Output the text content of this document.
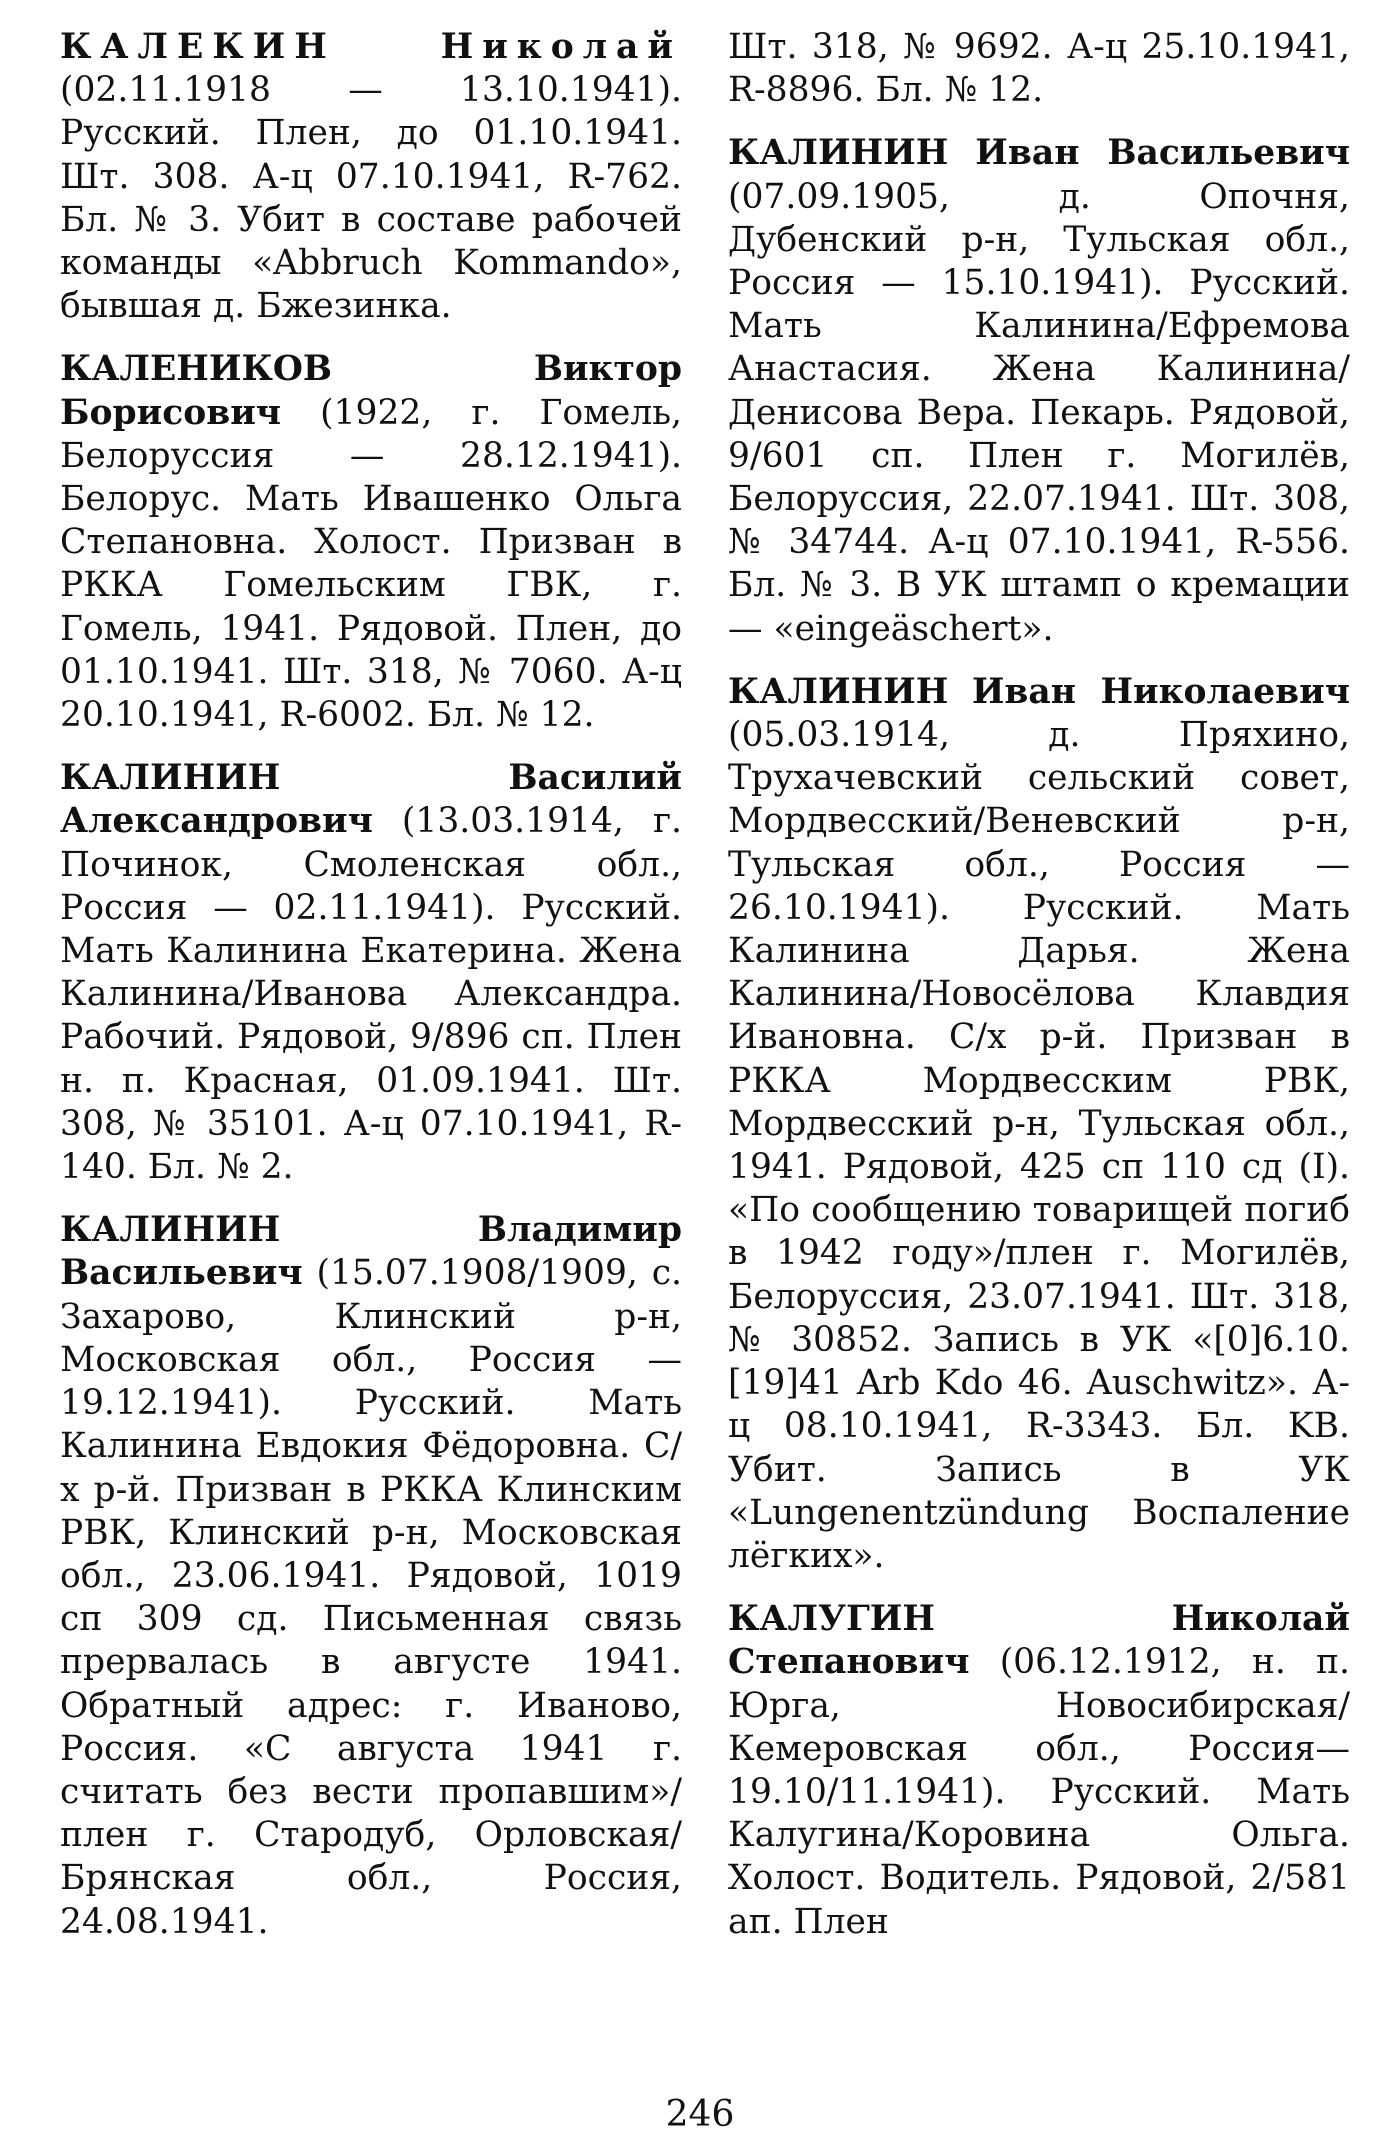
КАЛЕКИН	Николай (02.11.1918 — 13.10.1941). Русский. Плен, до 01.10.1941. Шт. 308. А-ц 07.10.1941, R-762. Бл. № 3. Убит в составе рабочей команды «Abbruch Kommando», бывшая д. Бжезинка.

КАЛЕНИКОВ	Виктор Борисович (1922, г. Гомель, Белоруссия — 28.12.1941). Белорус. Мать Ивашенко Ольга Степановна. Холост. Призван в РККА Гомельским ГВК, г. Гомель, 1941. Рядовой. Плен, до 01.10.1941. Шт. 318, № 7060. А-ц 20.10.1941, R-6002. Бл. № 12.

КАЛИНИН	Василий Александрович (13.03.1914, г. Починок, Смоленская обл., Россия — 02.11.1941). Русский. Мать Калинина Екатерина. Жена Калинина/Иванова Александра. Рабочий. Рядовой, 9/896 сп. Плен н. п. Красная, 01.09.1941. Шт. 308, № 35101. А-ц 07.10.1941, R-140. Бл. № 2.

КАЛИНИН	Владимир Васильевич (15.07.1908/1909, с. Захарово, Клинский р-н, Московская обл., Россия — 19.12.1941). Русский. Мать Калинина Евдокия Фёдоровна. С/х р-й. Призван в РККА Клинским РВК, Клинский р-н, Московская обл., 23.06.1941. Рядовой, 1019 сп 309 сд. Письменная связь прервалась в августе 1941. Обратный адрес: г. Иваново, Россия. «С августа 1941 г. считать без вести пропавшим»/плен г. Стародуб, Орловская/Брянская обл., Россия, 24.08.1941.

Шт. 318, № 9692. А-ц 25.10.1941, R-8896. Бл. № 12.

КАЛИНИН Иван Васильевич (07.09.1905, д. Опочня, Дубенский р-н, Тульская обл., Россия — 15.10.1941). Русский. Мать Калинина/Ефремова Анастасия. Жена Калинина/Денисова Вера. Пекарь. Рядовой, 9/601 сп. Плен г. Могилёв, Белоруссия, 22.07.1941. Шт. 308, № 34744. А-ц 07.10.1941, R-556. Бл. № 3. В УК штамп о кремации — «eingeäschert».

КАЛИНИН Иван Николаевич (05.03.1914, д. Пряхино, Трухачевский сельский совет, Мордвесский/Веневский р-н, Тульская обл., Россия — 26.10.1941). Русский. Мать Калинина Дарья. Жена Калинина/Новосёлова Клавдия Ивановна. С/х р-й. Призван в РККА Мордвесским РВК, Мордвесский р-н, Тульская обл., 1941. Рядовой, 425 сп 110 сд (I). «По сообщению товарищей погиб в 1942 году»/плен г. Могилёв, Белоруссия, 23.07.1941. Шт. 318, № 30852. Запись в УК «[0]6.10.[19]41 Arb Kdo 46. Auschwitz». А-ц 08.10.1941, R-3343. Бл. KB. Убит. Запись в УК «Lungenentzündung Воспаление лёгких».

КАЛУГИН	Николай Степанович (06.12.1912, н. п. Юрга, Новосибирская/Кемеровская обл., Россия— 19.10/11.1941). Русский. Мать Калугина/Коровина Ольга. Холост. Водитель. Рядовой, 2/581 ап. Плен

246
